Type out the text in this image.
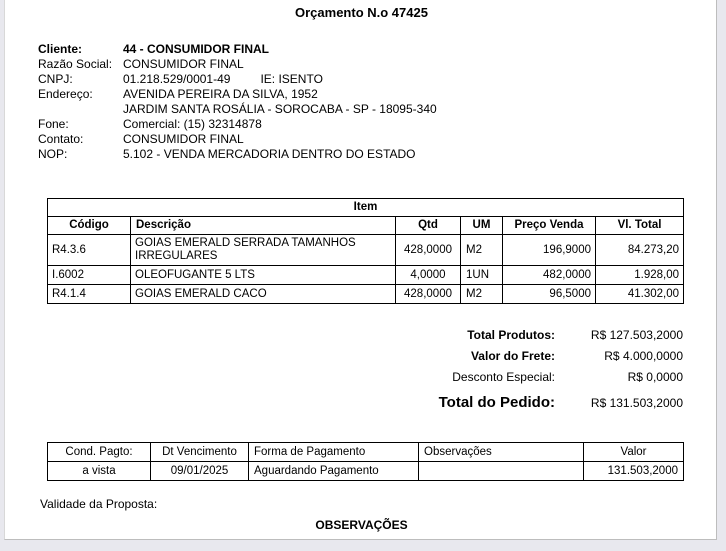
Orçamento N.o 47425
Cliente:	44 - CONSUMIDOR FINAL
Razão Social: CONSUMIDOR FINAL
CNPJ:	01.218.529/0001-49	IE: ISENTO
Endereço:	AVENIDA PEREIRA DA SILVA, 1952
JARDIM SANTA ROSÁLIA - SOROCABA - SP - 18095-340
Fone:	Comercial: (15) 32314878
Contato:	CONSUMIDOR FINAL
NOP:	5.102 - VENDA MERCADORIA DENTRO DO ESTADO
Item					
Código	Descrição	Qtd	UM	Preço Venda	Vl. Total
R4.3.6	GOIAS EMERALD SERRADA TAMANHOS IRREGULARES	428,0000	M2	196,9000	84.273,20
I.6002	OLEOFUGANTE 5 LTS	4,0000	1UN	482,0000	1.928,00
R4.1.4	GOIAS EMERALD CACO	428,0000	M2	96,5000	41.302,00
Total Produtos:	R$ 127.503,2000
Valor do Frete:	R$ 4.000,0000
Desconto Especial:	R$ 0,0000
Total do Pedido:	R$ 131.503,2000
Cond. Pagto:	Dt Vencimento	Forma de Pagamento	Observações	Valor
a vista	09/01/2025	Aguardando Pagamento		131.503,2000
Validade da Proposta:
OBSERVAÇÕES
